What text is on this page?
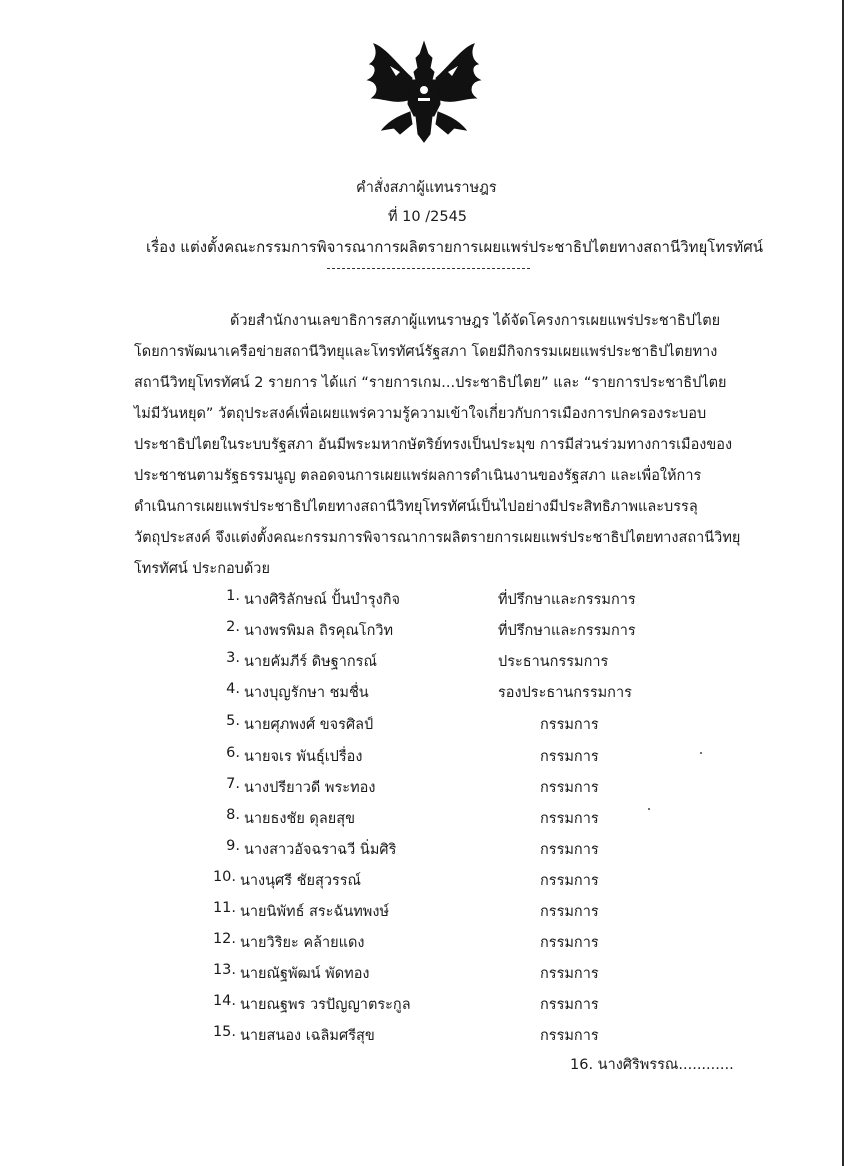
คำสั่งสภาผู้แทนราษฎร
ที่ 10 /2545
เรื่อง แต่งตั้งคณะกรรมการพิจารณาการผลิตรายการเผยแพร่ประชาธิปไตยทางสถานีวิทยุโทรทัศน์
ด้วยสำนักงานเลขาธิการสภาผู้แทนราษฎร ได้จัดโครงการเผยแพร่ประชาธิปไตย
โดยการพัฒนาเครือข่ายสถานีวิทยุและโทรทัศน์รัฐสภา โดยมีกิจกรรมเผยแพร่ประชาธิปไตยทาง
สถานีวิทยุโทรทัศน์ 2 รายการ ได้แก่ “รายการเกม...ประชาธิปไตย” และ “รายการประชาธิปไตย
ไม่มีวันหยุด” วัตถุประสงค์เพื่อเผยแพร่ความรู้ความเข้าใจเกี่ยวกับการเมืองการปกครองระบอบ
ประชาธิปไตยในระบบรัฐสภา อันมีพระมหากษัตริย์ทรงเป็นประมุข การมีส่วนร่วมทางการเมืองของ
ประชาชนตามรัฐธรรมนูญ ตลอดจนการเผยแพร่ผลการดำเนินงานของรัฐสภา และเพื่อให้การ
ดำเนินการเผยแพร่ประชาธิปไตยทางสถานีวิทยุโทรทัศน์เป็นไปอย่างมีประสิทธิภาพและบรรลุ
วัตถุประสงค์ จึงแต่งตั้งคณะกรรมการพิจารณาการผลิตรายการเผยแพร่ประชาธิปไตยทางสถานีวิทยุ
โทรทัศน์ ประกอบด้วย
1. นางศิริลักษณ์ ปั้นบำรุงกิจ	ที่ปรึกษาและกรรมการ
2. นางพรพิมล ถิรคุณโกวิท	ที่ปรึกษาและกรรมการ
3. นายคัมภีร์ ดิษฐากรณ์	ประธานกรรมการ
4. นางบุญรักษา ชมชื่น	รองประธานกรรมการ
5. นายศุภพงศ์ ขจรศิลป์	กรรมการ
6. นายจเร พันธุ์เปรื่อง	กรรมการ
7. นางปรียาวดี พระทอง	กรรมการ
8. นายธงชัย ดุลยสุข	กรรมการ
9. นางสาวอัจฉราฉวี นิ่มศิริ	กรรมการ
10. นางนุศรี ชัยสุวรรณ์	กรรมการ
11. นายนิพัทธ์ สระฉันทพงษ์	กรรมการ
12. นายวิริยะ คล้ายแดง	กรรมการ
13. นายณัฐพัฒน์ พัดทอง	กรรมการ
14. นายณฐพร วรปัญญาตระกูล	กรรมการ
15. นายสนอง เฉลิมศรีสุข	กรรมการ
16. นางศิริพรรณ............
